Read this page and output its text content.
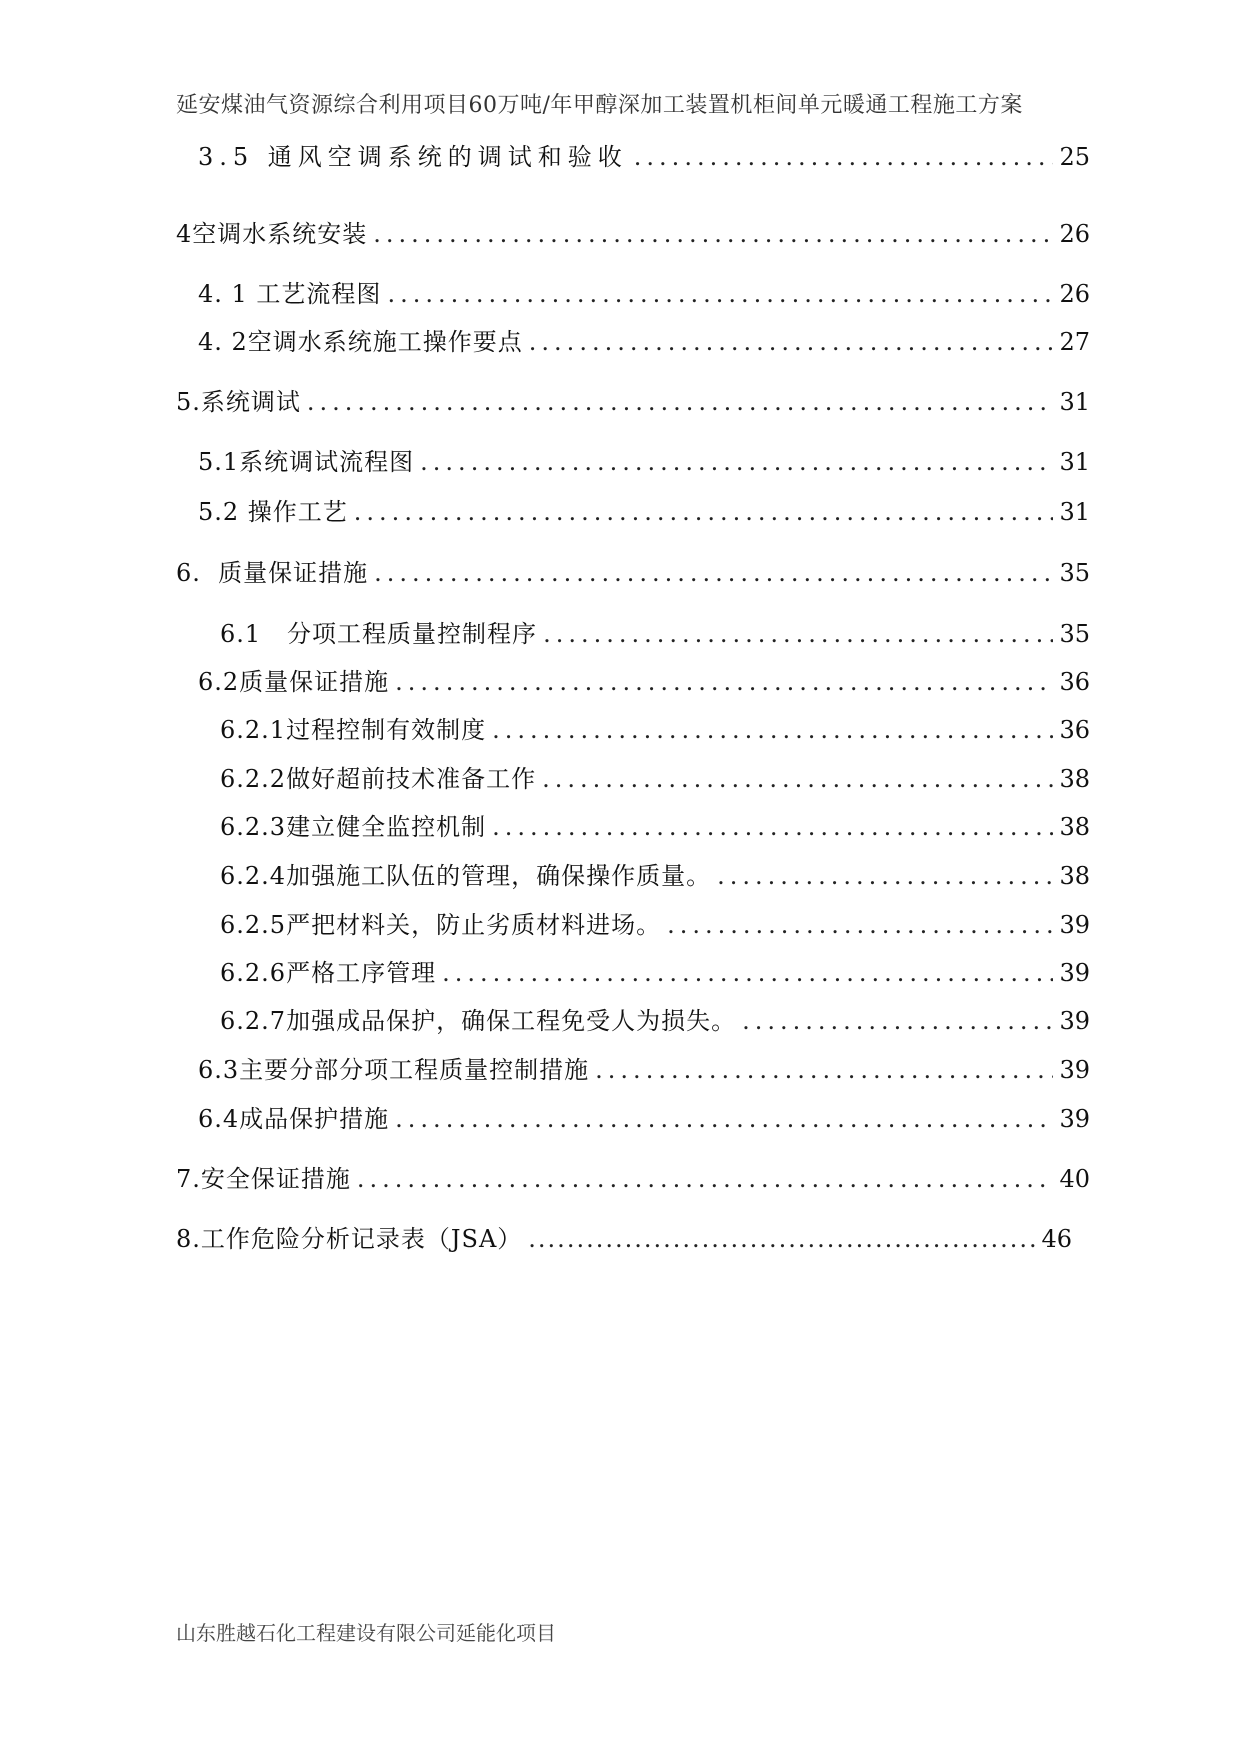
延安煤油气资源综合利用项目60万吨/年甲醇深加工装置机柜间单元暖通工程施工方案
3.5 通风空调系统的调试和验收 .....	25
4空调水系统安装 .....	26
4. 1 工艺流程图 .....	26
4. 2空调水系统施工操作要点 .....	27
5.系统调试 .....	31
5.1系统调试流程图 .....	31
5.2 操作工艺 .....	31
6.  质量保证措施 .....	35
6.1   分项工程质量控制程序 .....	35
6.2质量保证措施 .....	36
6.2.1过程控制有效制度 .....	36
6.2.2做好超前技术准备工作 .....	38
6.2.3建立健全监控机制 .....	38
6.2.4加强施工队伍的管理，确保操作质量。 .....	38
6.2.5严把材料关，防止劣质材料进场。 .....	39
6.2.6严格工序管理 .....	39
6.2.7加强成品保护，确保工程免受人为损失。 .....	39
6.3主要分部分项工程质量控制措施 .....	39
6.4成品保护措施 .....	39
7.安全保证措施 .....	40
8.工作危险分析记录表（JSA） .....	46
山东胜越石化工程建设有限公司延能化项目
